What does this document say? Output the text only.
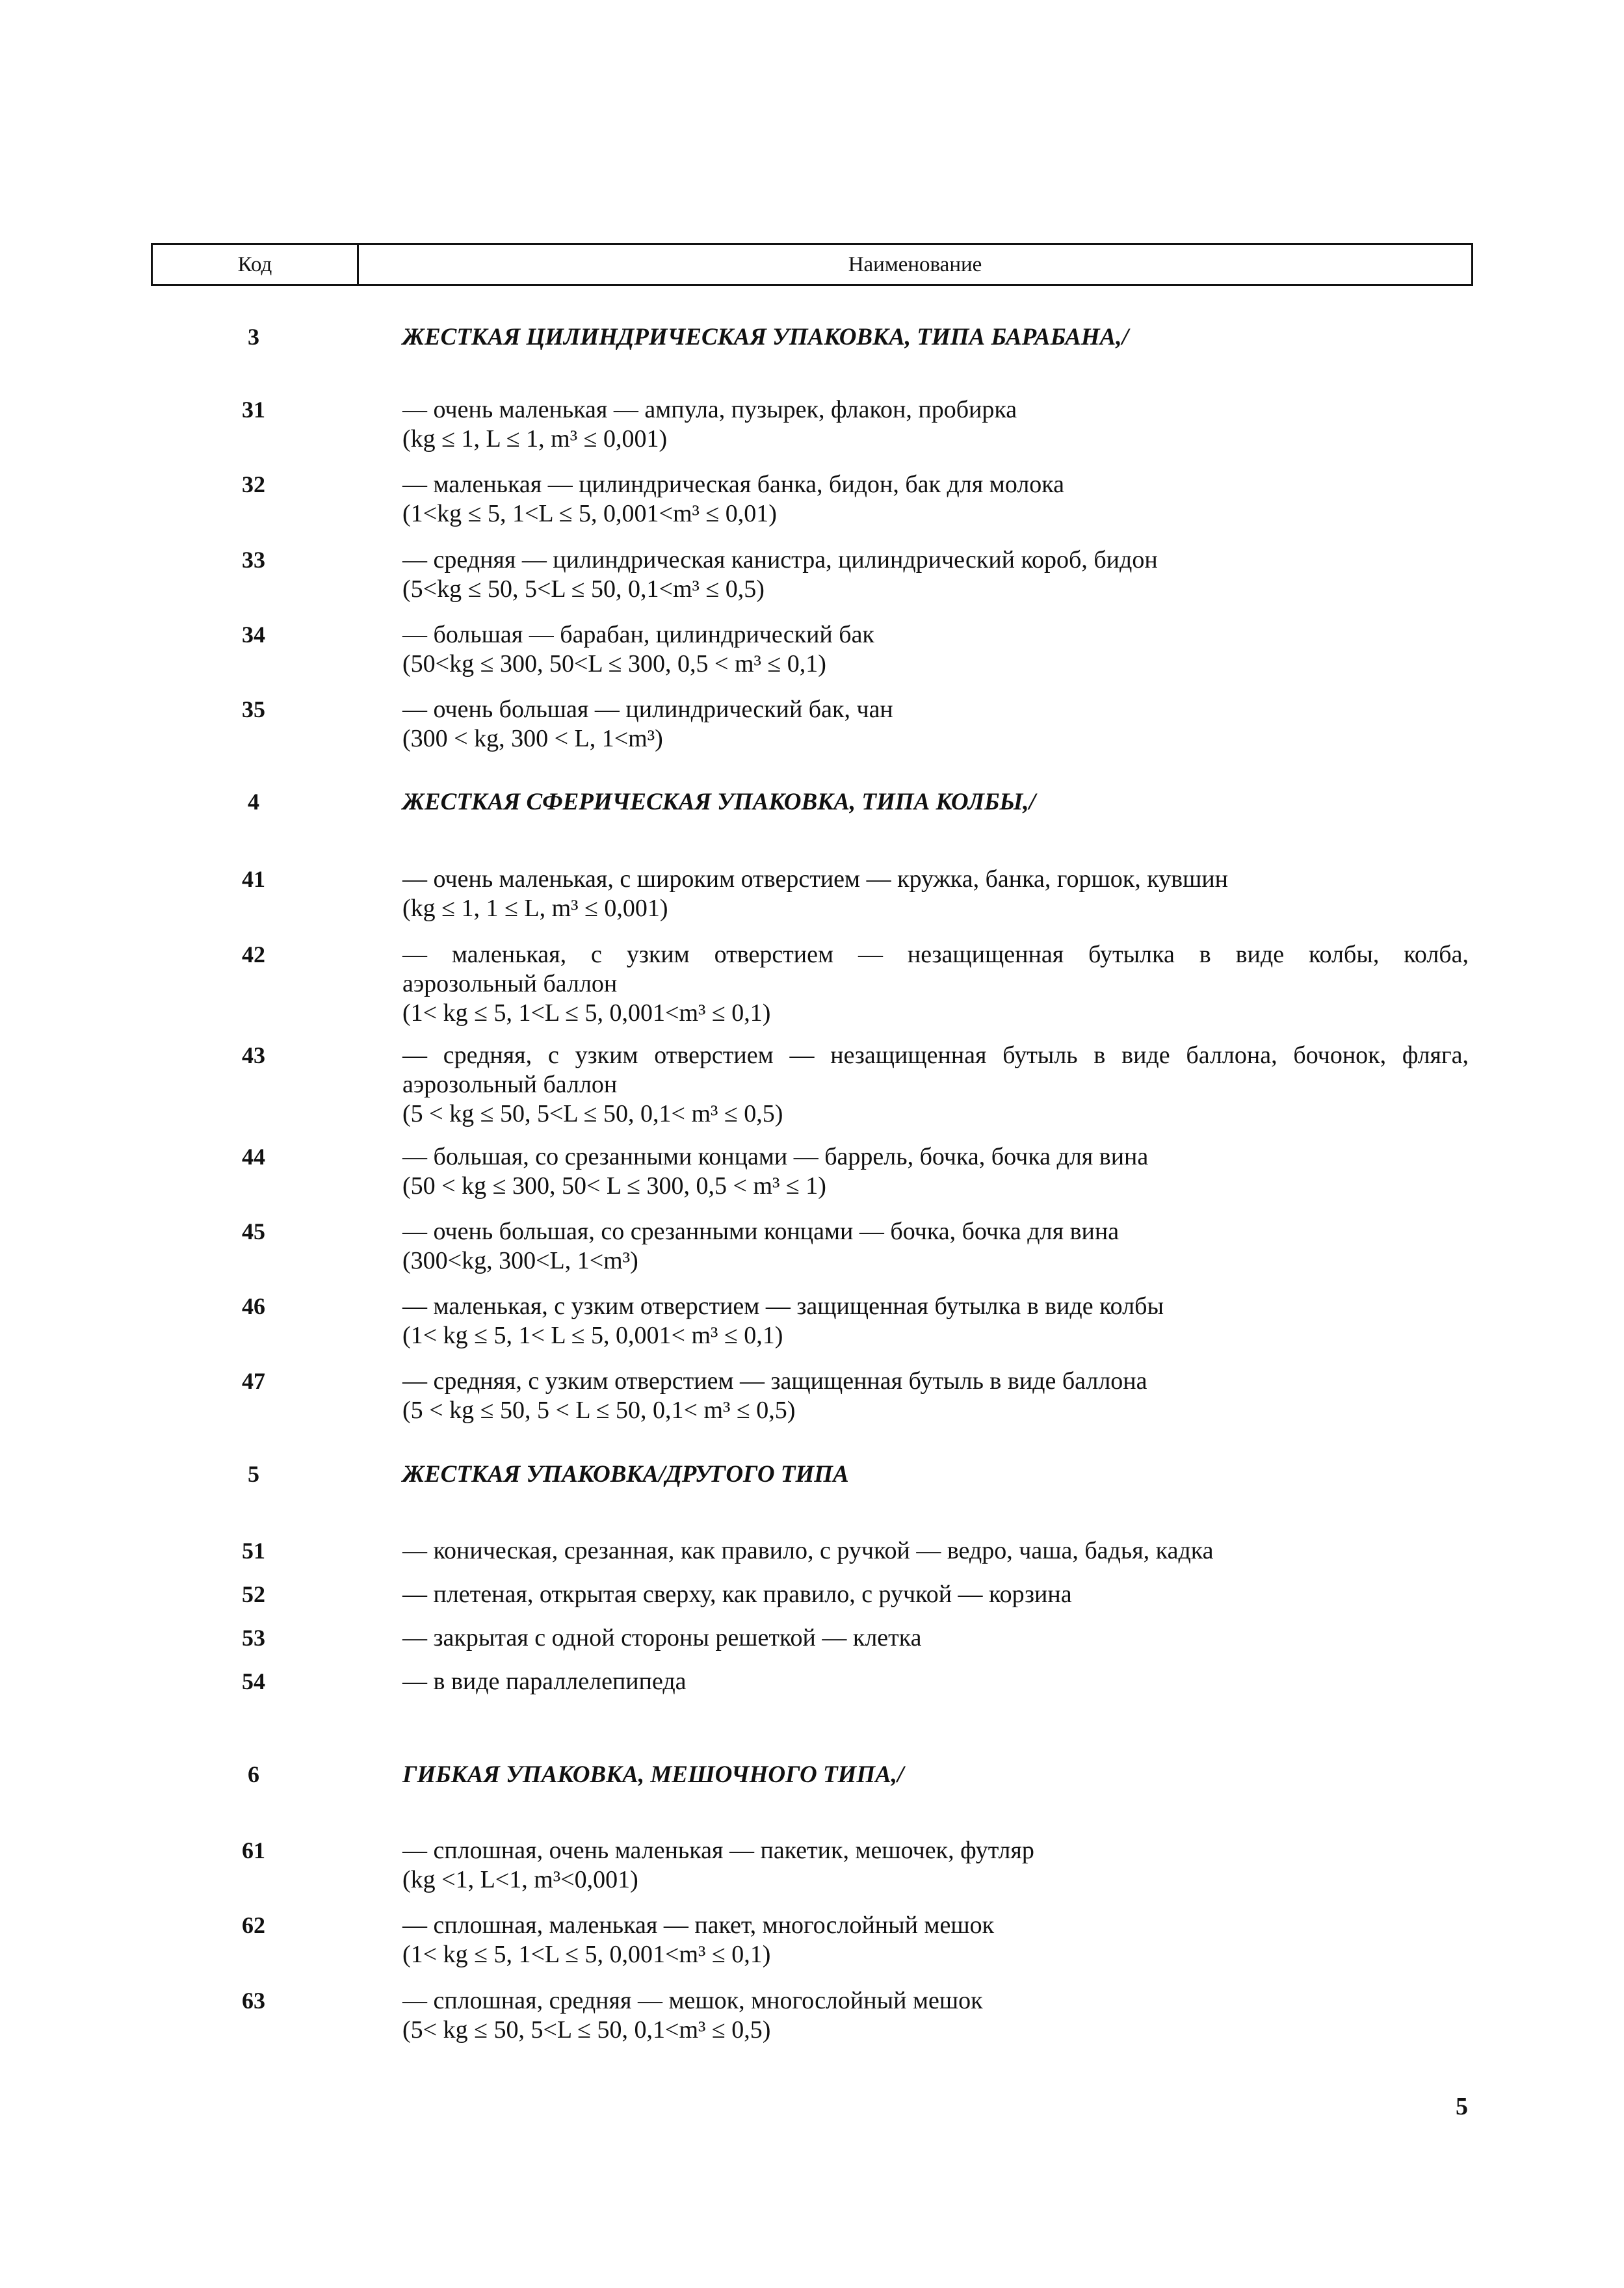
Код	Наименование
3	ЖЕСТКАЯ ЦИЛИНДРИЧЕСКАЯ УПАКОВКА, ТИПА БАРАБАНА,/
31	— очень маленькая — ампула, пузырек, флакон, пробирка
(kg ≤ 1, L ≤ 1, m³ ≤ 0,001)
32	— маленькая — цилиндрическая банка, бидон, бак для молока
(1<kg ≤ 5, 1<L ≤ 5, 0,001<m³ ≤ 0,01)
33	— средняя — цилиндрическая канистра, цилиндрический короб, бидон
(5<kg ≤ 50, 5<L ≤ 50, 0,1<m³ ≤ 0,5)
34	— большая — барабан, цилиндрический бак
(50<kg ≤ 300, 50<L ≤ 300, 0,5 < m³ ≤ 0,1)
35	— очень большая — цилиндрический бак, чан
(300 < kg, 300 < L, 1<m³)
4	ЖЕСТКАЯ СФЕРИЧЕСКАЯ УПАКОВКА, ТИПА КОЛБЫ,/
41	— очень маленькая, с широким отверстием — кружка, банка, горшок, кувшин
(kg ≤ 1, 1 ≤ L, m³ ≤ 0,001)
42	— маленькая, с узким отверстием — незащищенная бутылка в виде колбы, колба,
аэрозольный баллон
(1< kg ≤ 5, 1<L ≤ 5, 0,001<m³ ≤ 0,1)
43	— средняя, с узким отверстием — незащищенная бутыль в виде баллона, бочонок, фляга,
аэрозольный баллон
(5 < kg ≤ 50, 5<L ≤ 50, 0,1< m³ ≤ 0,5)
44	— большая, со срезанными концами — баррель, бочка, бочка для вина
(50 < kg ≤ 300, 50< L ≤ 300, 0,5 < m³ ≤ 1)
45	— очень большая, со срезанными концами — бочка, бочка для вина
(300<kg, 300<L, 1<m³)
46	— маленькая, с узким отверстием — защищенная бутылка в виде колбы
(1< kg ≤ 5, 1< L ≤ 5, 0,001< m³ ≤ 0,1)
47	— средняя, с узким отверстием — защищенная бутыль в виде баллона
(5 < kg ≤ 50, 5 < L ≤ 50, 0,1< m³ ≤ 0,5)
5	ЖЕСТКАЯ УПАКОВКА/ДРУГОГО ТИПА
51	— коническая, срезанная, как правило, с ручкой — ведро, чаша, бадья, кадка
52	— плетеная, открытая сверху, как правило, с ручкой — корзина
53	— закрытая с одной стороны решеткой — клетка
54	— в виде параллелепипеда
6	ГИБКАЯ УПАКОВКА, МЕШОЧНОГО ТИПА,/
61	— сплошная, очень маленькая — пакетик, мешочек, футляр
(kg <1, L<1, m³<0,001)
62	— сплошная, маленькая — пакет, многослойный мешок
(1< kg ≤ 5, 1<L ≤ 5, 0,001<m³ ≤ 0,1)
63	— сплошная, средняя — мешок, многослойный мешок
(5< kg ≤ 50, 5<L ≤ 50, 0,1<m³ ≤ 0,5)
5
